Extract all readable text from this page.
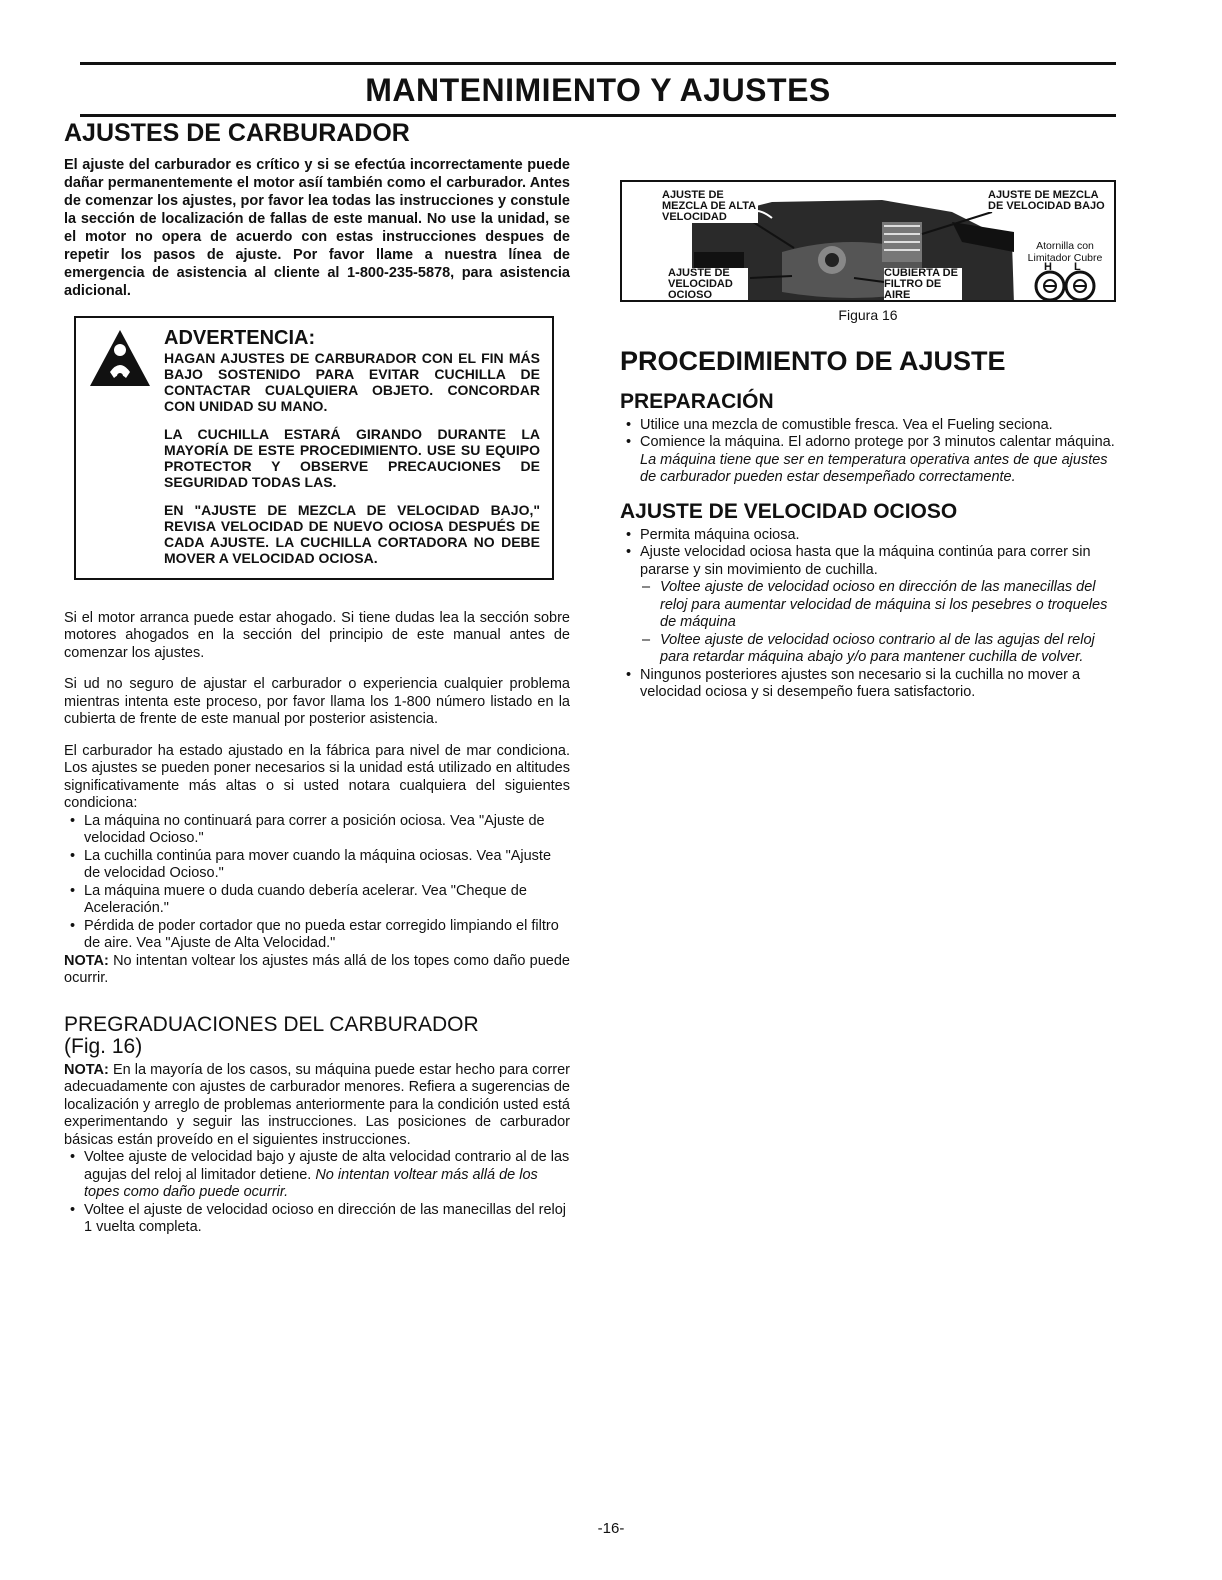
MANTENIMIENTO Y AJUSTES
AJUSTES DE CARBURADOR

El ajuste del carburador es crítico y si se efectúa incorrectamente puede dañar permanentemente el motor asíí también como el carburador. Antes de comenzar los ajustes, por favor lea todas las instrucciones y constule la sección de localización de fallas de este manual. No use la unidad, se el motor no opera de acuerdo con estas instrucciones despues de repetir los pasos de ajuste. Por favor llame a nuestra línea de emergencia de asistencia al cliente al 1-800-235-5878, para asistencia adicional.

ADVERTENCIA:

HAGAN AJUSTES DE CARBURADOR CON EL FIN MÁS BAJO SOSTENIDO PARA EVITAR CUCHILLA DE CONTACTAR CUALQUIERA OBJETO. CONCORDAR CON UNIDAD SU MANO.

LA CUCHILLA ESTARÁ GIRANDO DURANTE LA MAYORÍA DE ESTE PROCEDIMIENTO. USE SU EQUIPO PROTECTOR Y OBSERVE PRECAUCIONES DE SEGURIDAD TODAS LAS.

EN "AJUSTE DE MEZCLA DE VELOCIDAD BAJO," REVISA VELOCIDAD DE NUEVO OCIOSA DESPUÉS DE CADA AJUSTE. LA CUCHILLA CORTADORA NO DEBE MOVER A VELOCIDAD OCIOSA.

Si el motor arranca puede estar ahogado. Si tiene dudas lea la sección sobre motores ahogados en la sección del principio de este manual antes de comenzar los ajustes.

Si ud no seguro de ajustar el carburador o experiencia cualquier problema mientras intenta este proceso, por favor llama los 1-800 número listado en la cubierta de frente de este manual por posterior asistencia.

El carburador ha estado ajustado en la fábrica para nivel de mar condiciona. Los ajustes se pueden poner necesarios si la unidad está utilizado en altitudes significativamente más altas o si usted notara cualquiera del siguientes condiciona:

• La máquina no continuará para correr a posición ociosa. Vea "Ajuste de velocidad Ocioso."
• La cuchilla continúa para mover cuando la máquina ociosas. Vea "Ajuste de velocidad Ocioso."
• La máquina muere o duda cuando debería acelerar. Vea "Cheque de Aceleración."
• Pérdida de poder cortador que no pueda estar corregido limpiando el filtro de aire. Vea "Ajuste de Alta Velocidad."

NOTA: No intentan voltear los ajustes más allá de los topes como daño puede ocurrir.

PREGRADUACIONES DEL CARBURADOR
(Fig. 16)

NOTA: En la mayoría de los casos, su máquina puede estar hecho para correr adecuadamente con ajustes de carburador menores. Refiera a sugerencias de localización y arreglo de problemas anteriormente para la condición usted está experimentando y seguir las instrucciones. Las posiciones de carburador básicas están proveído en el siguientes instrucciones.

• Voltee ajuste de velocidad bajo y ajuste de alta velocidad contrario al de las agujas del reloj al limitador detiene. No intentan voltear más allá de los topes como daño puede ocurrir.
• Voltee el ajuste de velocidad ocioso en dirección de las manecillas del reloj 1 vuelta completa.
AJUSTE DE MEZCLA DE ALTA VELOCIDAD
AJUSTE DE MEZCLA DE VELOCIDAD BAJO
AJUSTE DE VELOCIDAD OCIOSO
CUBIERTA DE FILTRO DE AIRE
Atornilla con Limitador Cubre
H L
Figura 16
PROCEDIMIENTO DE AJUSTE
PREPARACIÓN
• Utilice una mezcla de comustible fresca. Vea el Fueling seciona.
• Comience la máquina. El adorno protege por 3 minutos calentar máquina. La máquina tiene que ser en temperatura operativa antes de que ajustes de carburador pueden estar desempeñado correctamente.
AJUSTE DE VELOCIDAD OCIOSO
• Permita máquina ociosa.
• Ajuste velocidad ociosa hasta que la máquina continúa para correr sin pararse y sin movimiento de cuchilla.
– Voltee ajuste de velocidad ocioso en dirección de las manecillas del reloj para aumentar velocidad de máquina si los pesebres o troqueles de máquina
– Voltee ajuste de velocidad ocioso contrario al de las agujas del reloj para retardar máquina abajo y/o para mantener cuchilla de volver.
• Ningunos posteriores ajustes son necesario si la cuchilla no mover a velocidad ociosa y si desempeño fuera satisfactorio.
-16-
